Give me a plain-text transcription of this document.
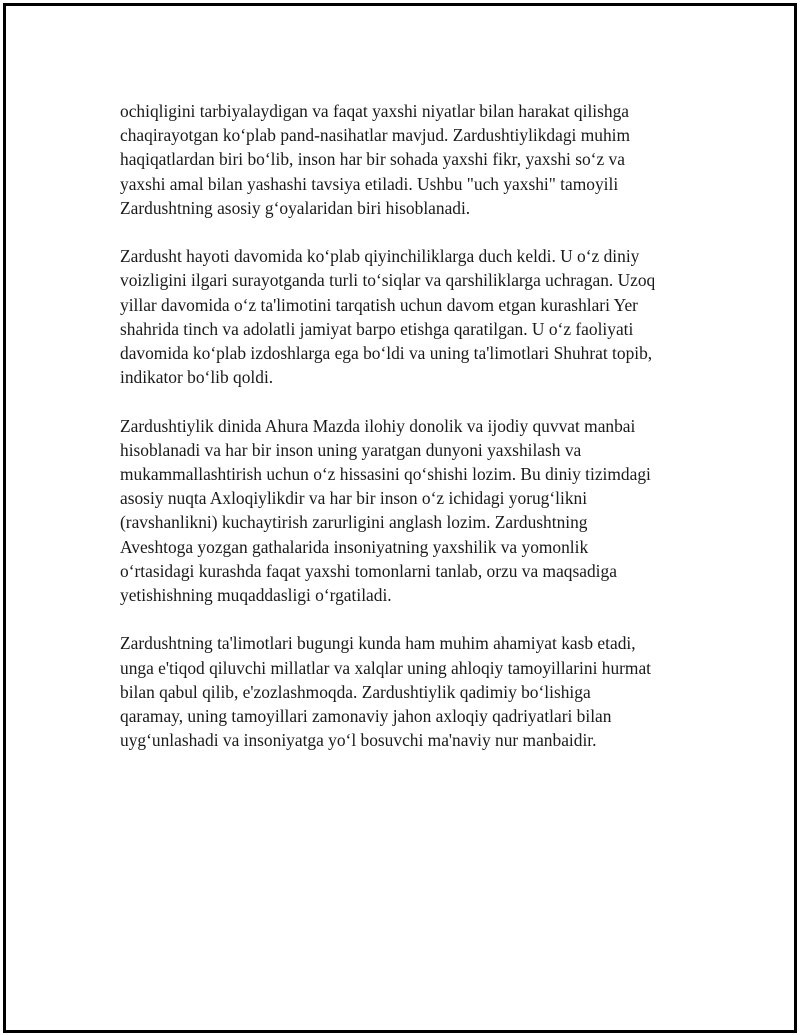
ochiqligini tarbiyalaydigan va faqat yaxshi niyatlar bilan harakat qilishga
chaqirayotgan ko‘plab pand-nasihatlar mavjud. Zardushtiylikdagi muhim
haqiqatlardan biri bo‘lib, inson har bir sohada yaxshi fikr, yaxshi so‘z va
yaxshi amal bilan yashashi tavsiya etiladi. Ushbu "uch yaxshi" tamoyili
Zardushtning asosiy g‘oyalaridan biri hisoblanadi.

Zardusht hayoti davomida ko‘plab qiyinchiliklarga duch keldi. U o‘z diniy
voizligini ilgari surayotganda turli to‘siqlar va qarshiliklarga uchragan. Uzoq
yillar davomida o‘z ta'limotini tarqatish uchun davom etgan kurashlari Yer
shahrida tinch va adolatli jamiyat barpo etishga qaratilgan. U o‘z faoliyati
davomida ko‘plab izdoshlarga ega bo‘ldi va uning ta'limotlari Shuhrat topib,
indikator bo‘lib qoldi.

Zardushtiylik dinida Ahura Mazda ilohiy donolik va ijodiy quvvat manbai
hisoblanadi va har bir inson uning yaratgan dunyoni yaxshilash va
mukammallashtirish uchun o‘z hissasini qo‘shishi lozim. Bu diniy tizimdagi
asosiy nuqta Axloqiylikdir va har bir inson o‘z ichidagi yorug‘likni
(ravshanlikni) kuchaytirish zarurligini anglash lozim. Zardushtning
Aveshtoga yozgan gathalarida insoniyatning yaxshilik va yomonlik
o‘rtasidagi kurashda faqat yaxshi tomonlarni tanlab, orzu va maqsadiga
yetishishning muqaddasligi o‘rgatiladi.

Zardushtning ta'limotlari bugungi kunda ham muhim ahamiyat kasb etadi,
unga e'tiqod qiluvchi millatlar va xalqlar uning ahloqiy tamoyillarini hurmat
bilan qabul qilib, e'zozlashmoqda. Zardushtiylik qadimiy bo‘lishiga
qaramay, uning tamoyillari zamonaviy jahon axloqiy qadriyatlari bilan
uyg‘unlashadi va insoniyatga yo‘l bosuvchi ma'naviy nur manbaidir.
